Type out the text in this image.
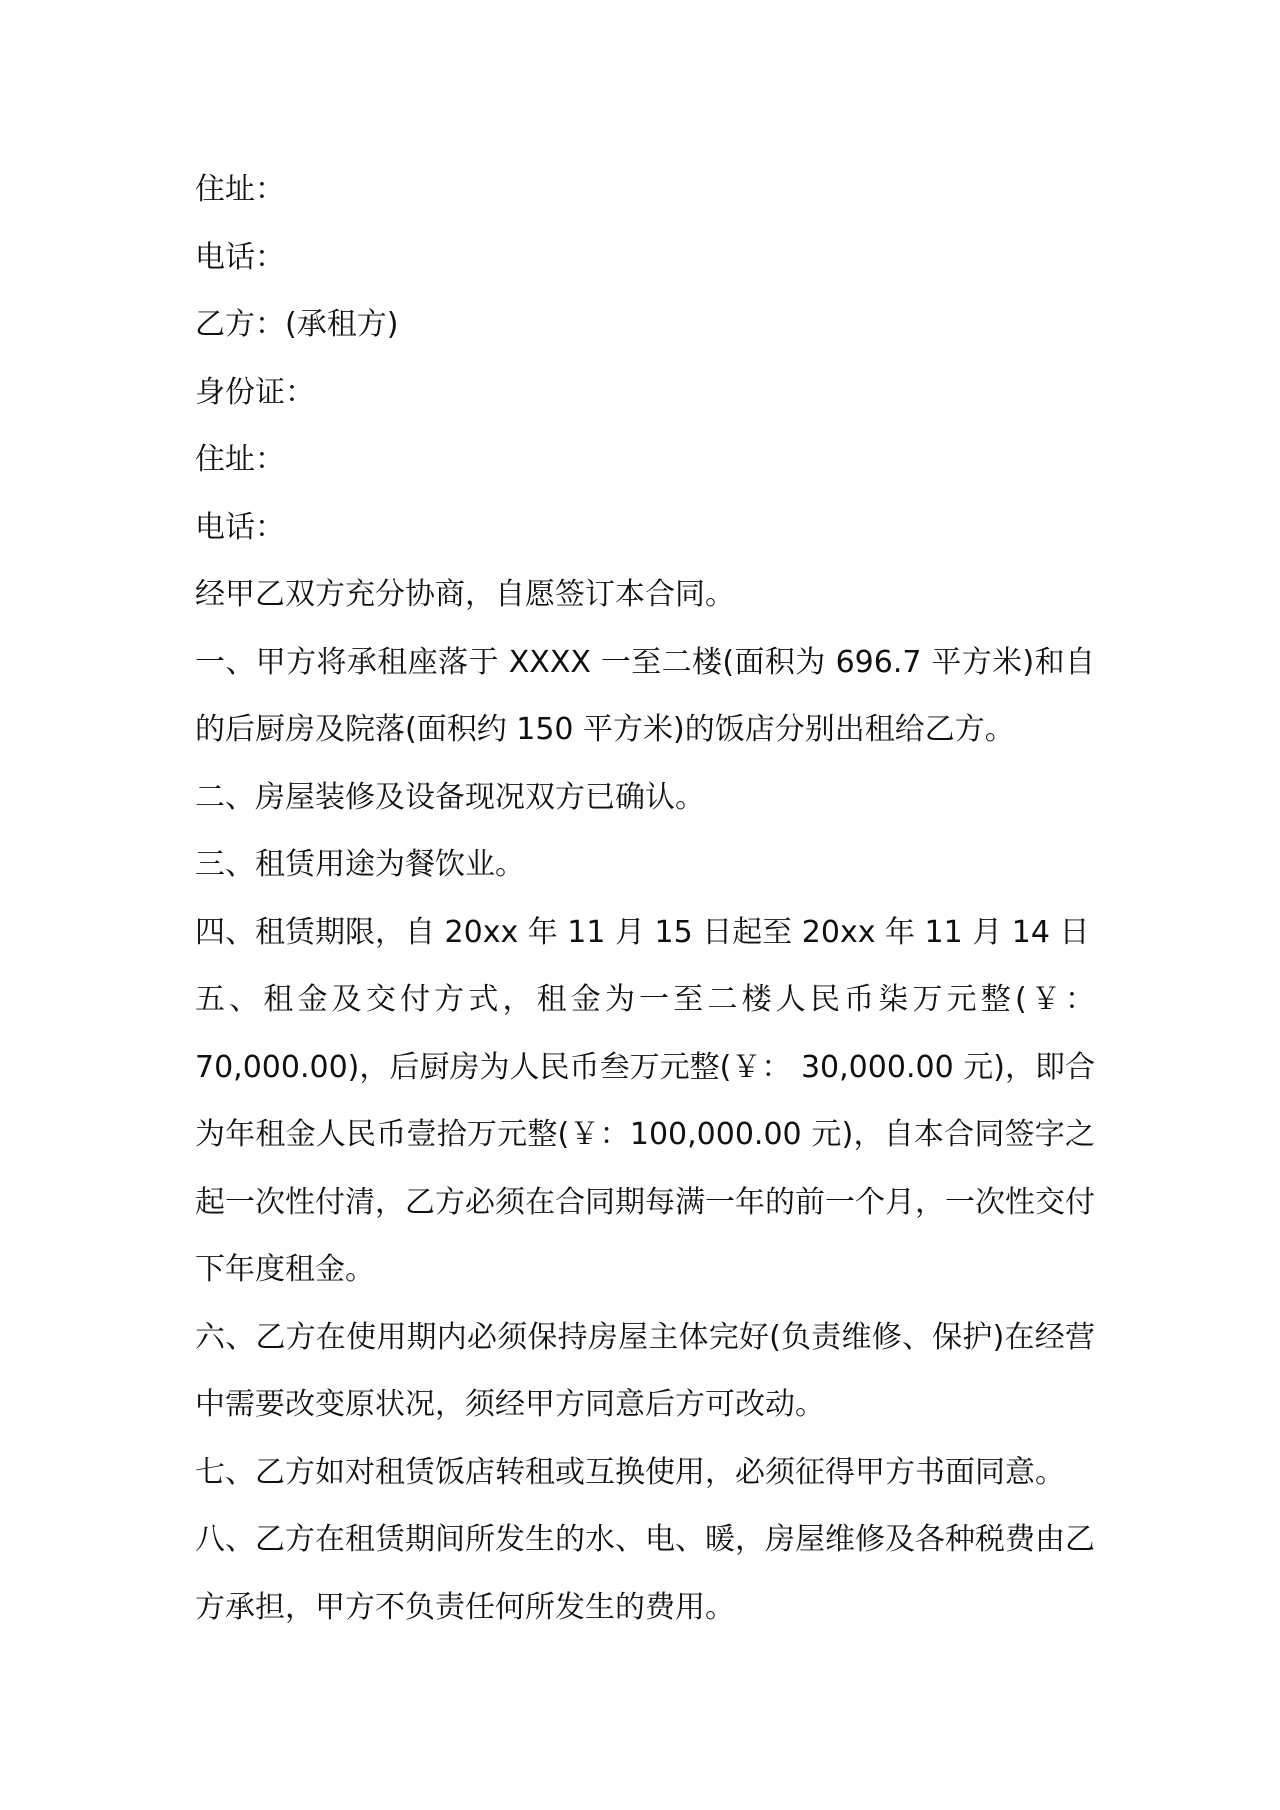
住址：
电话：
乙方：(承租方)
身份证：
住址：
电话：
经甲乙双方充分协商，自愿签订本合同。
一、甲方将承租座落于 XXXX 一至二楼(面积为 696.7 平方米)和自
的后厨房及院落(面积约 150 平方米)的饭店分别出租给乙方。
二、房屋装修及设备现况双方已确认。
三、租赁用途为餐饮业。
四、租赁期限，自 20xx 年 11 月 15 日起至 20xx 年 11 月 14 日
五、租金及交付方式，租金为一至二楼人民币柒万元整(￥：
70,000.00)，后厨房为人民币叁万元整(￥： 30,000.00 元)，即合
为年租金人民币壹拾万元整(￥：100,000.00 元)，自本合同签字之
起一次性付清，乙方必须在合同期每满一年的前一个月，一次性交付
下年度租金。
六、乙方在使用期内必须保持房屋主体完好(负责维修、保护)在经营
中需要改变原状况，须经甲方同意后方可改动。
七、乙方如对租赁饭店转租或互换使用，必须征得甲方书面同意。
八、乙方在租赁期间所发生的水、电、暖，房屋维修及各种税费由乙
方承担，甲方不负责任何所发生的费用。
